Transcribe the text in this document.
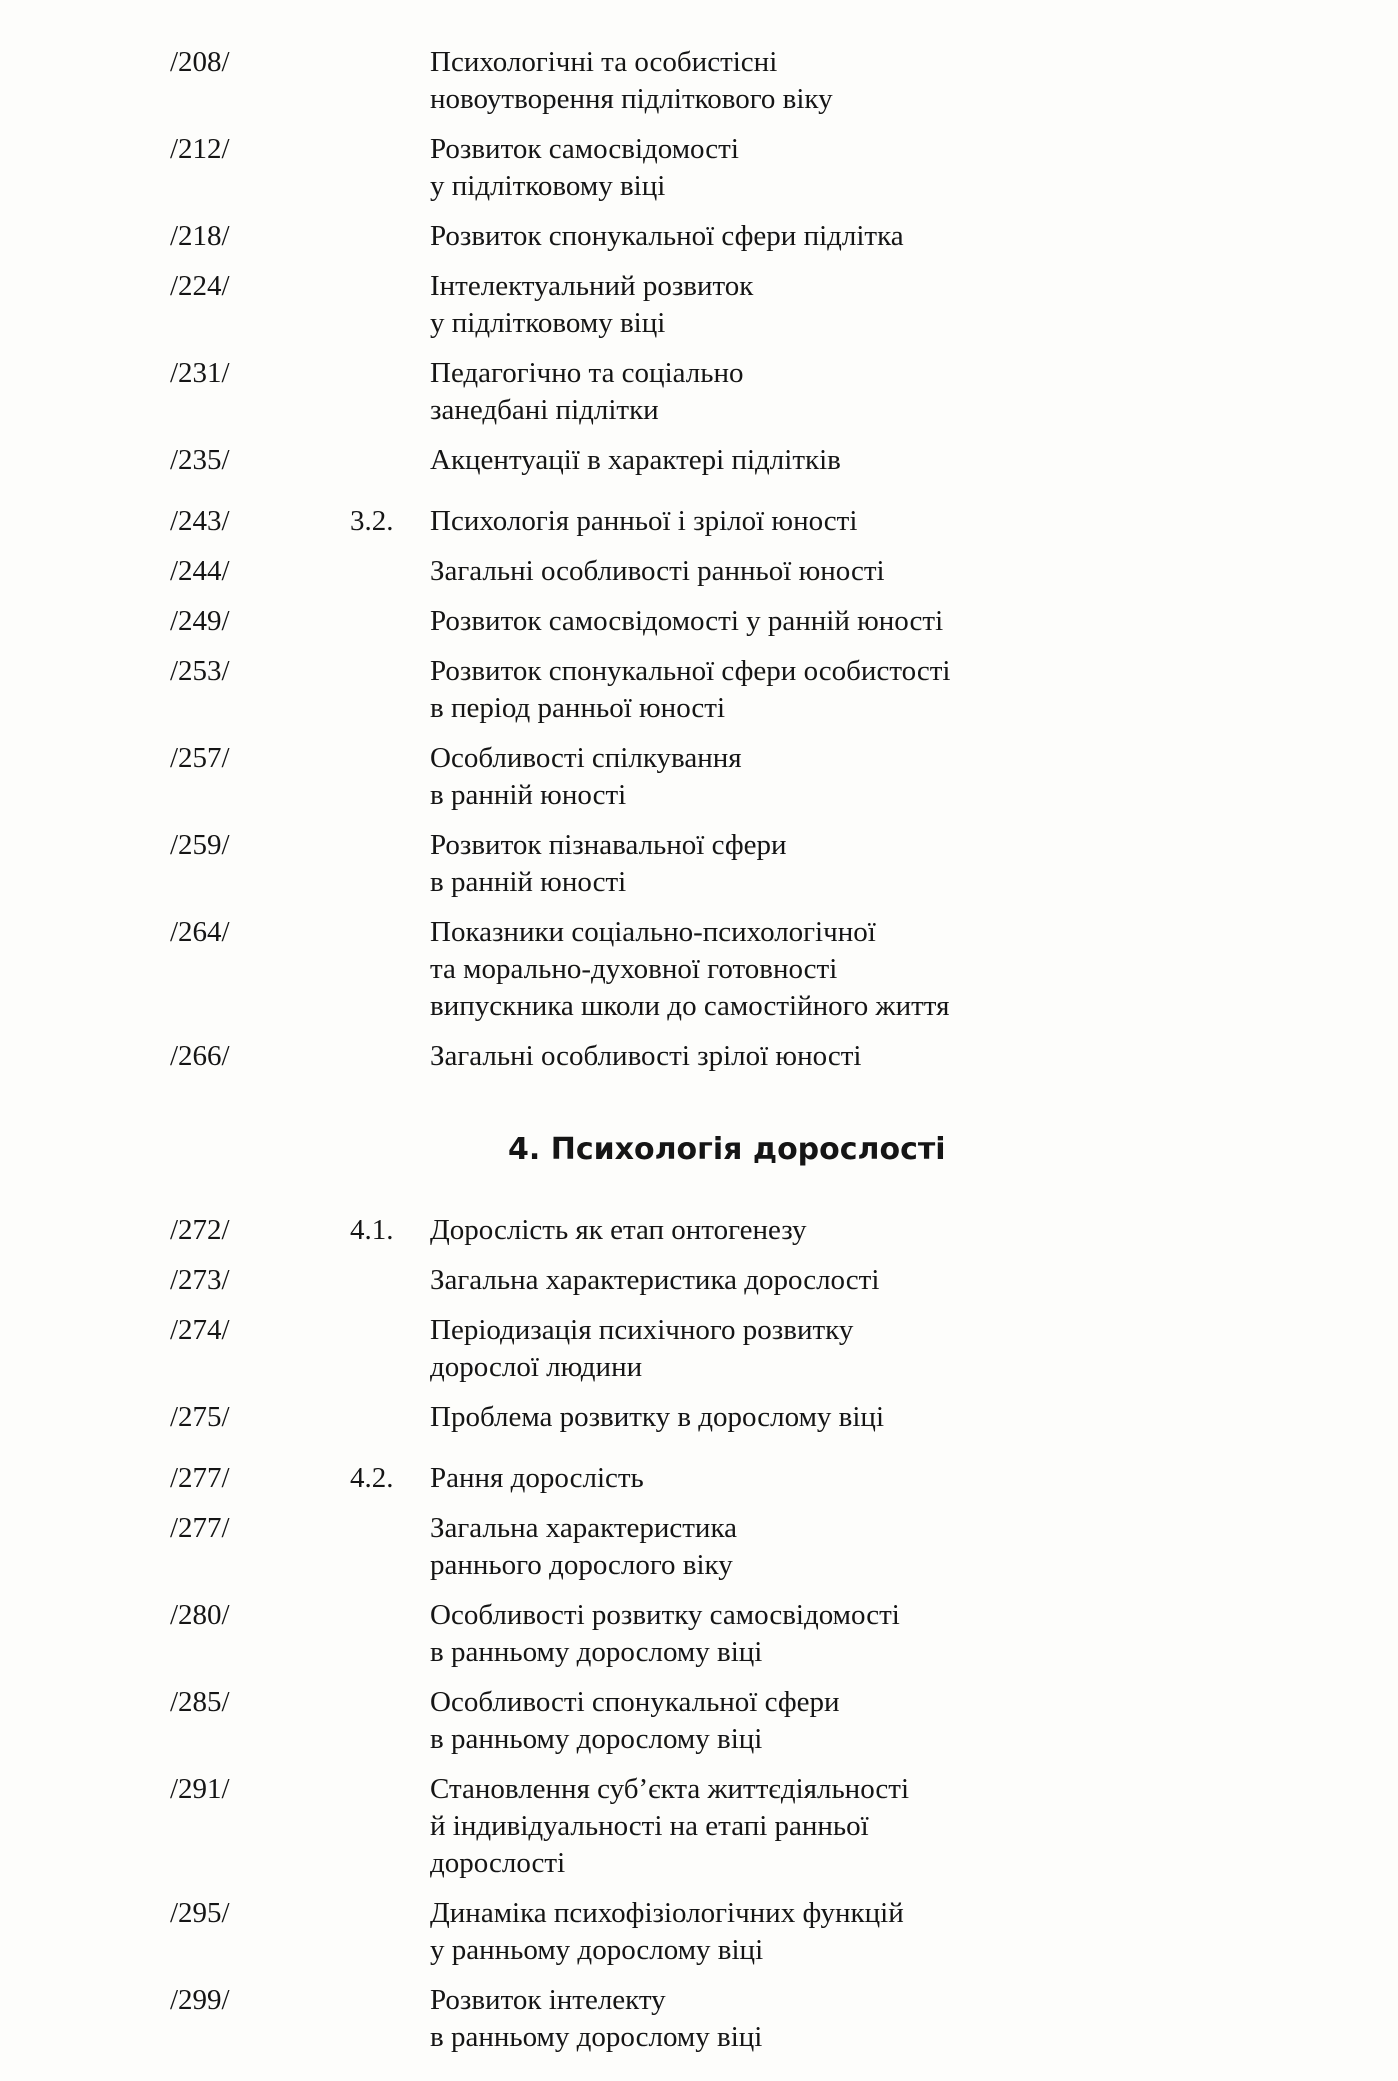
/208/	Психологічні та особистісні
новоутворення підліткового віку
/212/	Розвиток самосвідомості
у підлітковому віці
/218/	Розвиток спонукальної сфери підлітка
/224/	Інтелектуальний розвиток
у підлітковому віці
/231/	Педагогічно та соціально
занедбані підлітки
/235/	Акцентуації в характері підлітків
/243/	3.2. Психологія ранньої і зрілої юності
/244/	Загальні особливості ранньої юності
/249/	Розвиток самосвідомості у ранній юності
/253/	Розвиток спонукальної сфери особистості
в період ранньої юності
/257/	Особливості спілкування
в ранній юності
/259/	Розвиток пізнавальної сфери
в ранній юності
/264/	Показники соціально-психологічної
та морально-духовної готовності
випускника школи до самостійного життя
/266/	Загальні особливості зрілої юності
4. Психологія дорослості
/272/	4.1. Дорослість як етап онтогенезу
/273/	Загальна характеристика дорослості
/274/	Періодизація психічного розвитку
дорослої людини
/275/	Проблема розвитку в дорослому віці
/277/	4.2. Рання дорослість
/277/	Загальна характеристика
раннього дорослого віку
/280/	Особливості розвитку самосвідомості
в ранньому дорослому віці
/285/	Особливості спонукальної сфери
в ранньому дорослому віці
/291/	Становлення суб’єкта життєдіяльності
й індивідуальності на етапі ранньої
дорослості
/295/	Динаміка психофізіологічних функцій
у ранньому дорослому віці
/299/	Розвиток інтелекту
в ранньому дорослому віці
